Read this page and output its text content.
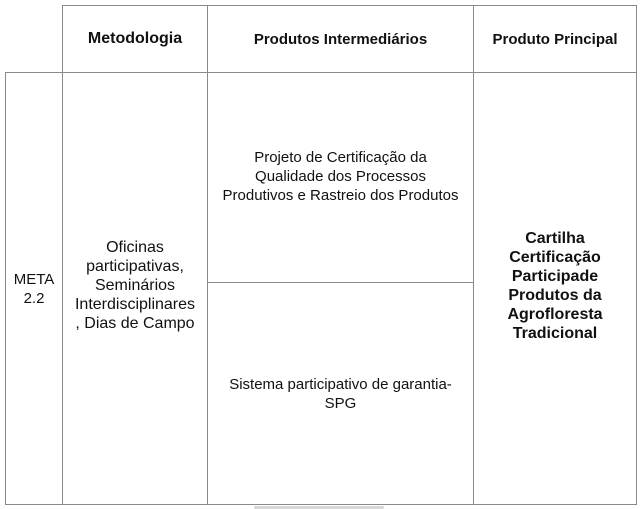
Metodologia	Produtos Intermediários	Produto Principal
META
2.2
Oficinas
participativas,
Seminários
Interdisciplinares
, Dias de Campo
Projeto de Certificação da
Qualidade dos Processos
Produtivos e Rastreio dos Produtos
Sistema participativo de garantia-
SPG
Cartilha
Certificação
Participade
Produtos da
Agrofloresta
Tradicional
